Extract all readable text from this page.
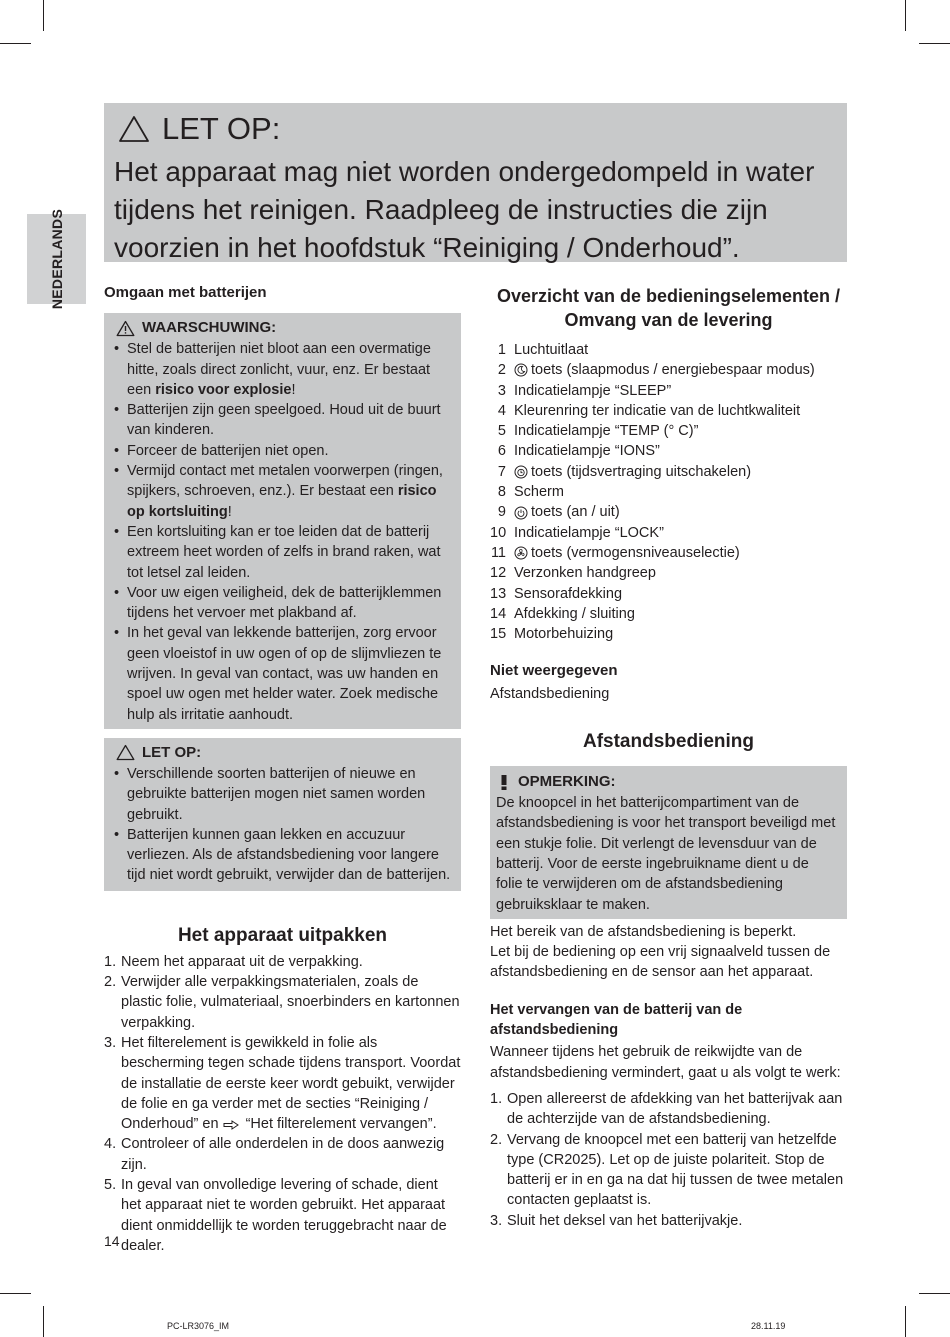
NEDERLANDS
LET OP:
Het apparaat mag niet worden ondergedompeld in water tijdens het reinigen. Raadpleeg de instructies die zijn voorzien in het hoofdstuk “Reiniging / Onderhoud”.
Omgaan met batterijen
WAARSCHUWING:
• Stel de batterijen niet bloot aan een overmatige hitte, zoals direct zonlicht, vuur, enz. Er bestaat een risico voor explosie!
• Batterijen zijn geen speelgoed. Houd uit de buurt van kinderen.
• Forceer de batterijen niet open.
• Vermijd contact met metalen voorwerpen (ringen, spijkers, schroeven, enz.). Er bestaat een risico op kortsluiting!
• Een kortsluiting kan er toe leiden dat de batterij extreem heet worden of zelfs in brand raken, wat tot letsel zal leiden.
• Voor uw eigen veiligheid, dek de batterijklemmen tijdens het vervoer met plakband af.
• In het geval van lekkende batterijen, zorg ervoor geen vloeistof in uw ogen of op de slijmvliezen te wrijven. In geval van contact, was uw handen en spoel uw ogen met helder water. Zoek medische hulp als irritatie aanhoudt.
LET OP:
• Verschillende soorten batterijen of nieuwe en gebruikte batterijen mogen niet samen worden gebruikt.
• Batterijen kunnen gaan lekken en accuzuur verliezen. Als de afstandsbediening voor langere tijd niet wordt gebruikt, verwijder dan de batterijen.
Het apparaat uitpakken
1. Neem het apparaat uit de verpakking.
2. Verwijder alle verpakkingsmaterialen, zoals de plastic folie, vulmateriaal, snoerbinders en kartonnen verpakking.
3. Het filterelement is gewikkeld in folie als bescherming tegen schade tijdens transport. Voordat de installatie de eerste keer wordt gebuikt, verwijder de folie en ga verder met de secties “Reiniging / Onderhoud” en  “Het filterelement vervangen”.
4. Controleer of alle onderdelen in de doos aanwezig zijn.
5. In geval van onvolledige levering of schade, dient het apparaat niet te worden gebruikt. Het apparaat dient onmiddellijk te worden teruggebracht naar de dealer.
Overzicht van de bedieningselementen /
Omvang van de levering
1 Luchtuitlaat
2 toets (slaapmodus / energiebespaar modus)
3 Indicatielampje “SLEEP”
4 Kleurenring ter indicatie van de luchtkwaliteit
5 Indicatielampje “TEMP (° C)”
6 Indicatielampje “IONS”
7 toets (tijdsvertraging uitschakelen)
8 Scherm
9 toets (an / uit)
10 Indicatielampje “LOCK”
11 toets (vermogensniveauselectie)
12 Verzonken handgreep
13 Sensorafdekking
14 Afdekking / sluiting
15 Motorbehuizing
Niet weergegeven
Afstandsbediening
Afstandsbediening
OPMERKING:
De knoopcel in het batterijcompartiment van de afstandsbediening is voor het transport beveiligd met een stukje folie. Dit verlengt de levensduur van de batterij. Voor de eerste ingebruikname dient u de folie te verwijderen om de afstandsbediening gebruiksklaar te maken.
Het bereik van de afstandsbediening is beperkt.
Let bij de bediening op een vrij signaalveld tussen de afstandsbediening en de sensor aan het apparaat.
Het vervangen van de batterij van de afstandsbediening
Wanneer tijdens het gebruik de reikwijdte van de afstandsbediening vermindert, gaat u als volgt te werk:
1. Open allereerst de afdekking van het batterijvak aan de achterzijde van de afstandsbediening.
2. Vervang de knoopcel met een batterij van hetzelfde type (CR2025). Let op de juiste polariteit. Stop de batterij er in en ga na dat hij tussen de twee metalen contacten geplaatst is.
3. Sluit het deksel van het batterijvakje.
14
PC-LR3076_IM	28.11.19
